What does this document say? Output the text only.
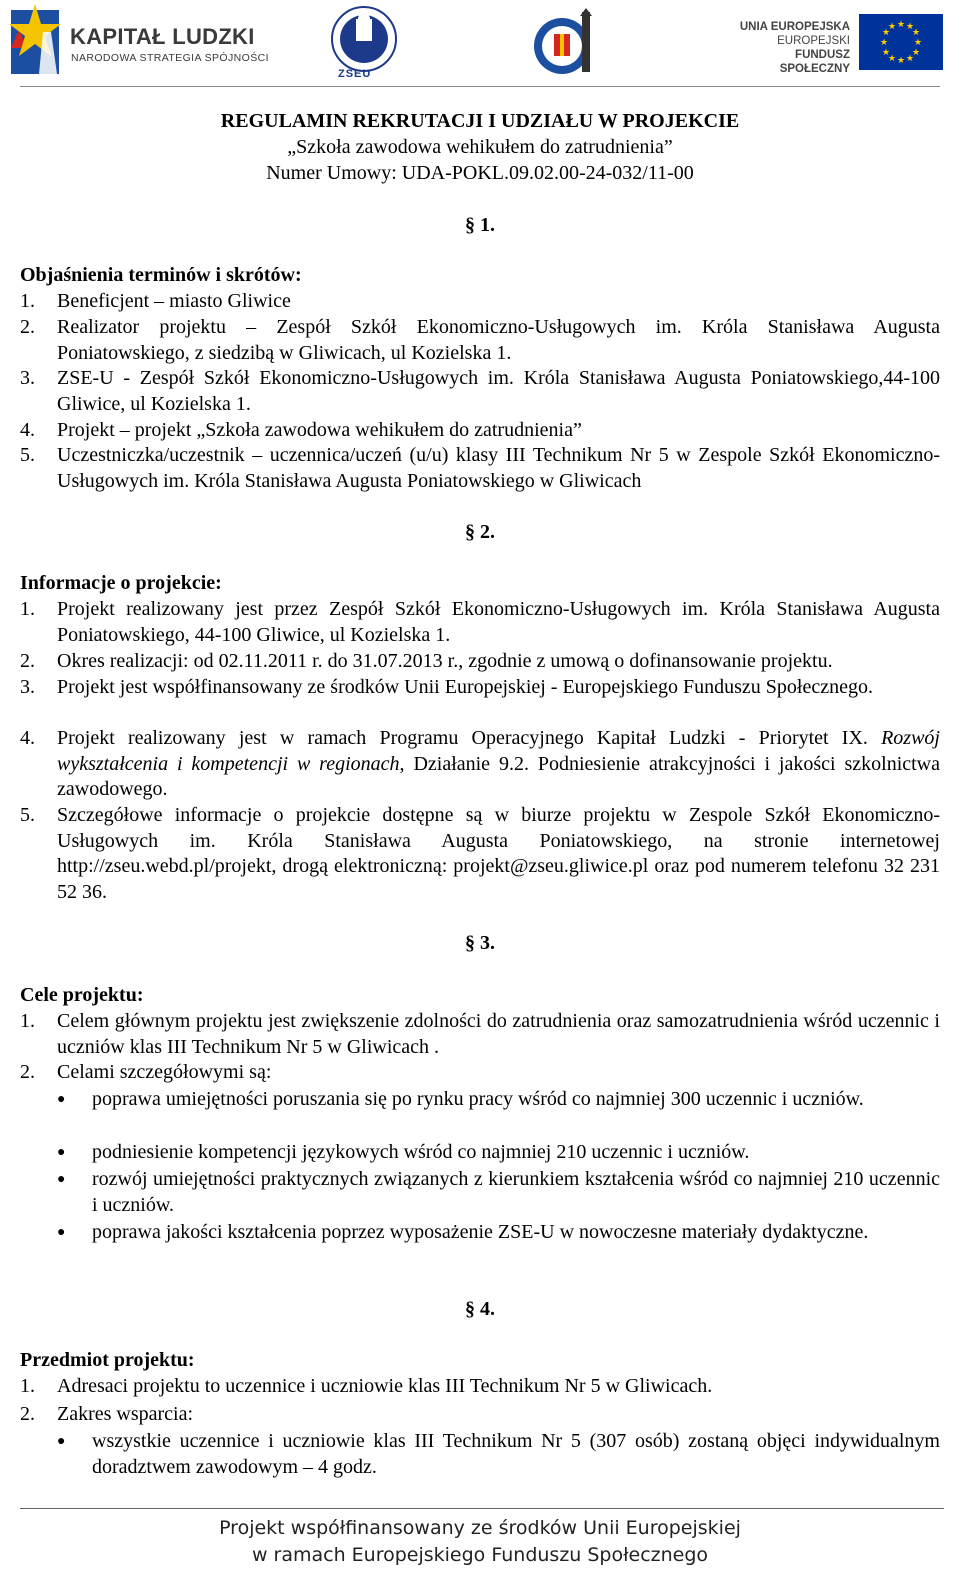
KAPITAŁ LUDZKI
NARODOWA STRATEGIA SPÓJNOŚCI
ZSEU
UNIA EUROPEJSKA
EUROPEJSKI
FUNDUSZ SPOŁECZNY
★ ★
★
★
★
★
★
★
★
★
★
★
REGULAMIN REKRUTACJI I UDZIAŁU W PROJEKCIE
„Szkoła zawodowa wehikułem do zatrudnienia”
Numer Umowy: UDA-POKL.09.02.00-24-032/11-00
§ 1.
Objaśnienia terminów i skrótów:
1.	Beneficjent – miasto Gliwice
2.	Realizator projektu – Zespół Szkół Ekonomiczno-Usługowych im. Króla Stanisława Augusta Poniatowskiego, z siedzibą w Gliwicach, ul Kozielska 1.
3.	ZSE-U - Zespół Szkół Ekonomiczno-Usługowych im. Króla Stanisława Augusta Poniatowskiego,44-100 Gliwice, ul Kozielska 1.
4.	Projekt – projekt „Szkoła zawodowa wehikułem do zatrudnienia”
5.	Uczestniczka/uczestnik – uczennica/uczeń (u/u) klasy III Technikum Nr 5 w Zespole Szkół Ekonomiczno-Usługowych im. Króla Stanisława Augusta Poniatowskiego w Gliwicach
§ 2.
Informacje o projekcie:
1.	Projekt realizowany jest przez Zespół Szkół Ekonomiczno-Usługowych im. Króla Stanisława Augusta Poniatowskiego, 44-100 Gliwice, ul Kozielska 1.
2.	Okres realizacji: od 02.11.2011 r. do 31.07.2013 r., zgodnie z umową o dofinansowanie projektu.
3.	Projekt jest współfinansowany ze środków Unii Europejskiej - Europejskiego Funduszu Społecznego.
4.	Projekt realizowany jest w ramach Programu Operacyjnego Kapitał Ludzki - Priorytet IX. Rozwój wykształcenia i kompetencji w regionach, Działanie 9.2. Podniesienie atrakcyjności i jakości szkolnictwa zawodowego.
5.	Szczegółowe informacje o projekcie dostępne są w biurze projektu w Zespole Szkół Ekonomiczno-Usługowych im. Króla Stanisława Augusta Poniatowskiego, na stronie internetowej http://zseu.webd.pl/projekt, drogą elektroniczną: projekt@zseu.gliwice.pl oraz pod numerem telefonu 32 231 52 36.
§ 3.
Cele projektu:
1.	Celem głównym projektu jest zwiększenie zdolności do zatrudnienia oraz samozatrudnienia wśród uczennic i uczniów klas III Technikum Nr 5 w Gliwicach .
2.	Celami szczegółowymi są:
●	poprawa umiejętności poruszania się po rynku pracy wśród co najmniej 300 uczennic i uczniów.
●	podniesienie kompetencji językowych wśród co najmniej 210 uczennic i uczniów.
●	rozwój umiejętności praktycznych związanych z kierunkiem kształcenia wśród co najmniej 210 uczennic i uczniów.
●	poprawa jakości kształcenia poprzez wyposażenie ZSE-U w nowoczesne materiały dydaktyczne.
§ 4.
Przedmiot projektu:
1.	Adresaci projektu to uczennice i uczniowie klas III Technikum Nr 5 w Gliwicach.
2.	Zakres wsparcia:
●	wszystkie uczennice i uczniowie klas III Technikum Nr 5 (307 osób) zostaną objęci indywidualnym doradztwem zawodowym – 4 godz.
Projekt współfinansowany ze środków Unii Europejskiej
w ramach Europejskiego Funduszu Społecznego
